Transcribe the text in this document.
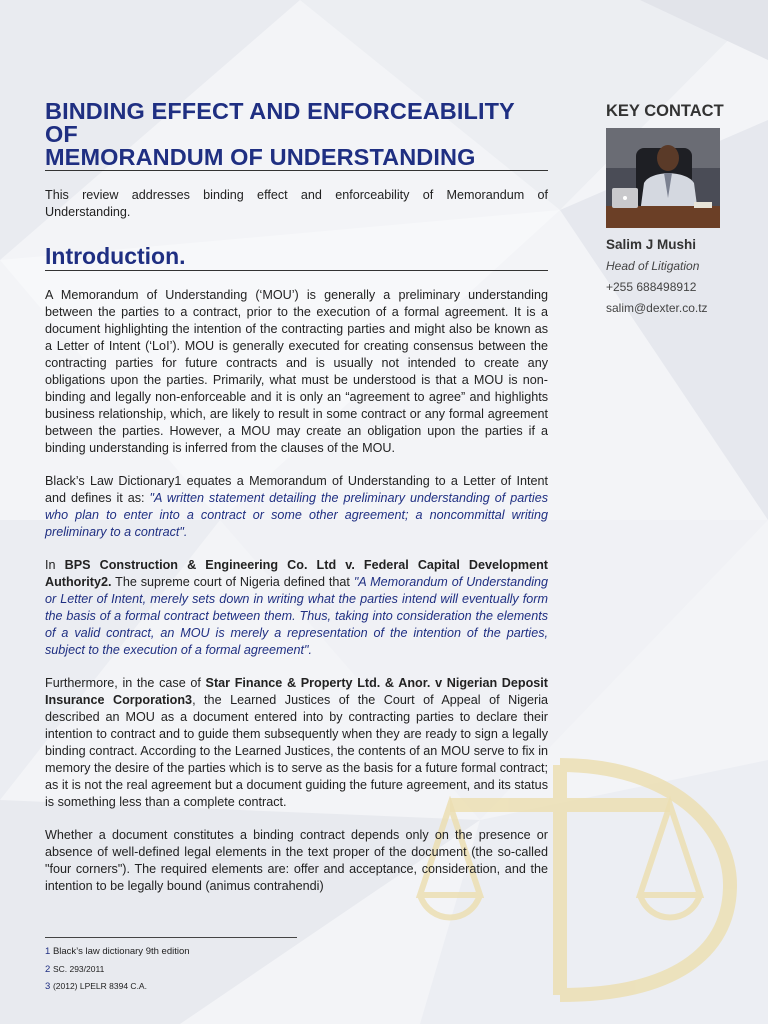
BINDING EFFECT AND ENFORCEABILITY OF
MEMORANDUM OF UNDERSTANDING

This review addresses binding effect and enforceability of Memorandum of Understanding.

Introduction.

A Memorandum of Understanding (‘MOU’) is generally a preliminary understanding between the parties to a contract, prior to the execution of a formal agreement. It is a document highlighting the intention of the contracting parties and might also be known as a Letter of Intent (‘LoI’). MOU is generally executed for creating consensus between the contracting parties for future contracts and is usually not intended to create any obligations upon the parties. Primarily, what must be understood is that a MOU is non-binding and legally non-enforceable and it is only an “agreement to agree” and highlights business relationship, which, are likely to result in some contract or any formal agreement between the parties. However, a MOU may create an obligation upon the parties if a binding understanding is inferred from the clauses of the MOU.

Black’s Law Dictionary1 equates a Memorandum of Understanding to a Letter of Intent and defines it as: "A written statement detailing the preliminary understanding of parties who plan to enter into a contract or some other agreement; a noncommittal writing preliminary to a contract".

In BPS Construction & Engineering Co. Ltd v. Federal Capital Development Authority2. The supreme court of Nigeria defined that "A Memorandum of Understanding or Letter of Intent, merely sets down in writing what the parties intend will eventually form the basis of a formal contract between them. Thus, taking into consideration the elements of a valid contract, an MOU is merely a representation of the intention of the parties, subject to the execution of a formal agreement".

Furthermore, in the case of Star Finance & Property Ltd. & Anor. v Nigerian Deposit Insurance Corporation3, the Learned Justices of the Court of Appeal of Nigeria described an MOU as a document entered into by contracting parties to declare their intention to contract and to guide them subsequently when they are ready to sign a legally binding contract. According to the Learned Justices, the contents of an MOU serve to fix in memory the desire of the parties which is to serve as the basis for a future formal contract; as it is not the real agreement but a document guiding the future agreement, and its status is something less than a complete contract.

Whether a document constitutes a binding contract depends only on the presence or absence of well-defined legal elements in the text proper of the document (the so-called "four corners"). The required elements are: offer and acceptance, consideration, and the intention to be legally bound (animus contrahendi)

1 Black’s law dictionary 9th edition
2 SC. 293/2011
3 (2012) LPELR 8394 C.A.
KEY CONTACT
Salim J Mushi
Head of Litigation
+255 688498912
salim@dexter.co.tz
